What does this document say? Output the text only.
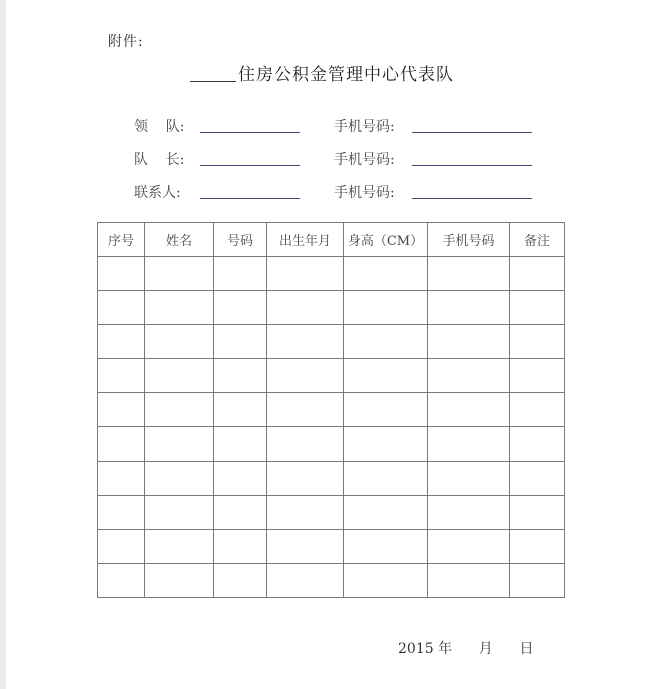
附件:
住房公积金管理中心代表队
领    队:	手机号码:
队    长:	手机号码:
联系人:	手机号码:
序号	姓名	号码	出生年月	身高（CM）	手机号码	备注

2015 年 月 日
